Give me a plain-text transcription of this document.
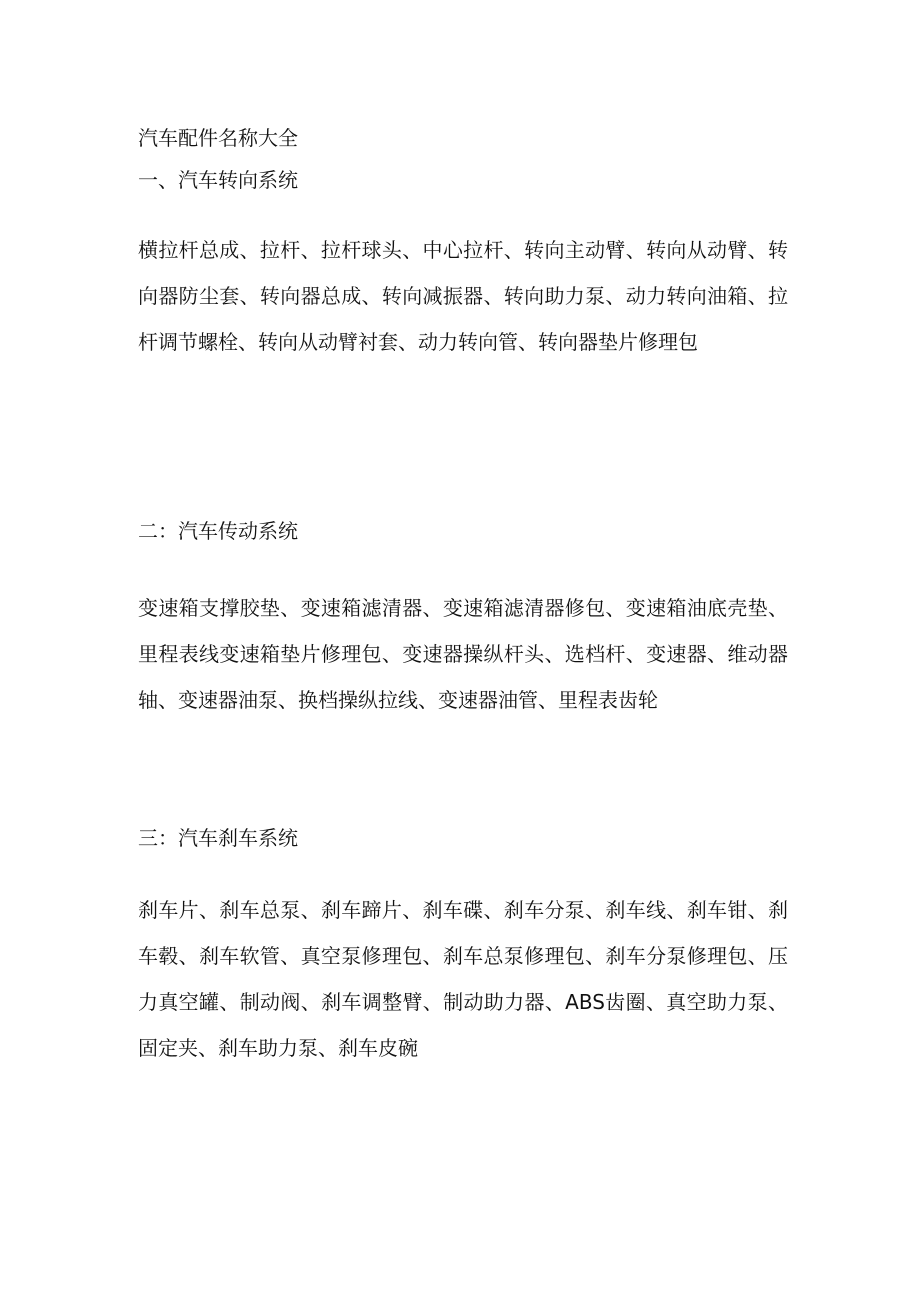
汽车配件名称大全
一、汽车转向系统

横拉杆总成、拉杆、拉杆球头、中心拉杆、转向主动臂、转向从动臂、转向器防尘套、转向器总成、转向减振器、转向助力泵、动力转向油箱、拉杆调节螺栓、转向从动臂衬套、动力转向管、转向器垫片修理包

二：汽车传动系统

变速箱支撑胶垫、变速箱滤清器、变速箱滤清器修包、变速箱油底壳垫、里程表线变速箱垫片修理包、变速器操纵杆头、选档杆、变速器、维动器轴、变速器油泵、换档操纵拉线、变速器油管、里程表齿轮

三：汽车刹车系统

刹车片、刹车总泵、刹车蹄片、刹车碟、刹车分泵、刹车线、刹车钳、刹车毂、刹车软管、真空泵修理包、刹车总泵修理包、刹车分泵修理包、压力真空罐、制动阀、刹车调整臂、制动助力器、ABS齿圈、真空助力泵、固定夹、刹车助力泵、刹车皮碗
